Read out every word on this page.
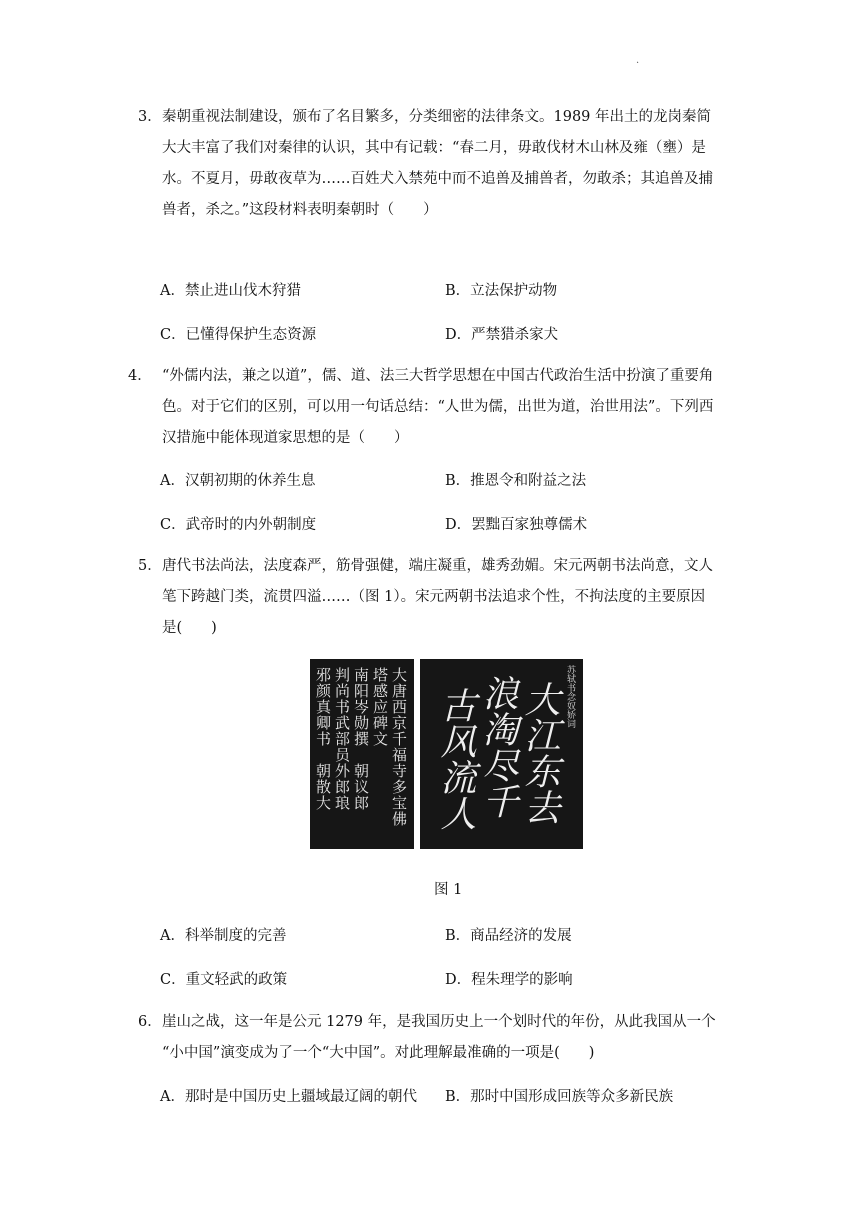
·
3． 秦朝重视法制建设，颁布了名目繁多，分类细密的法律条文。1989 年出土的龙岗秦简
大大丰富了我们对秦律的认识，其中有记载：“春二月，毋敢伐材木山林及雍（壅）是
水。不夏月，毋敢夜草为……百姓犬入禁苑中而不追兽及捕兽者，勿敢杀；其追兽及捕
兽者，杀之。”这段材料表明秦朝时（　　）
A．禁止进山伐木狩猎	B．立法保护动物
C．已懂得保护生态资源	D．严禁猎杀家犬
4． “外儒内法，兼之以道”，儒、道、法三大哲学思想在中国古代政治生活中扮演了重要角
色。对于它们的区别，可以用一句话总结：“人世为儒，出世为道，治世用法”。下列西
汉措施中能体现道家思想的是（　　）
A．汉朝初期的休养生息	B．推恩令和附益之法
C．武帝时的内外朝制度	D．罢黜百家独尊儒术
5． 唐代书法尚法，法度森严，筋骨强健，端庄凝重，雄秀劲媚。宋元两朝书法尚意，文人
笔下跨越门类，流贯四溢……（图 1）。宋元两朝书法追求个性，不拘法度的主要原因
是(　　)
大唐西京千福寺多宝佛
塔感应碑文
南阳岑勋撰　朝议郎
判尚书武部员外郎琅
邪颜真卿书　朝散大	苏轼书念奴娇词
大江东去
浪淘尽千
古风流人
图 1
A．科举制度的完善	B．商品经济的发展
C．重文轻武的政策	D．程朱理学的影响
6． 崖山之战，这一年是公元 1279 年，是我国历史上一个划时代的年份，从此我国从一个
“小中国”演变成为了一个“大中国”。对此理解最准确的一项是(　　)
A．那时是中国历史上疆域最辽阔的朝代 B．那时中国形成回族等众多新民族
